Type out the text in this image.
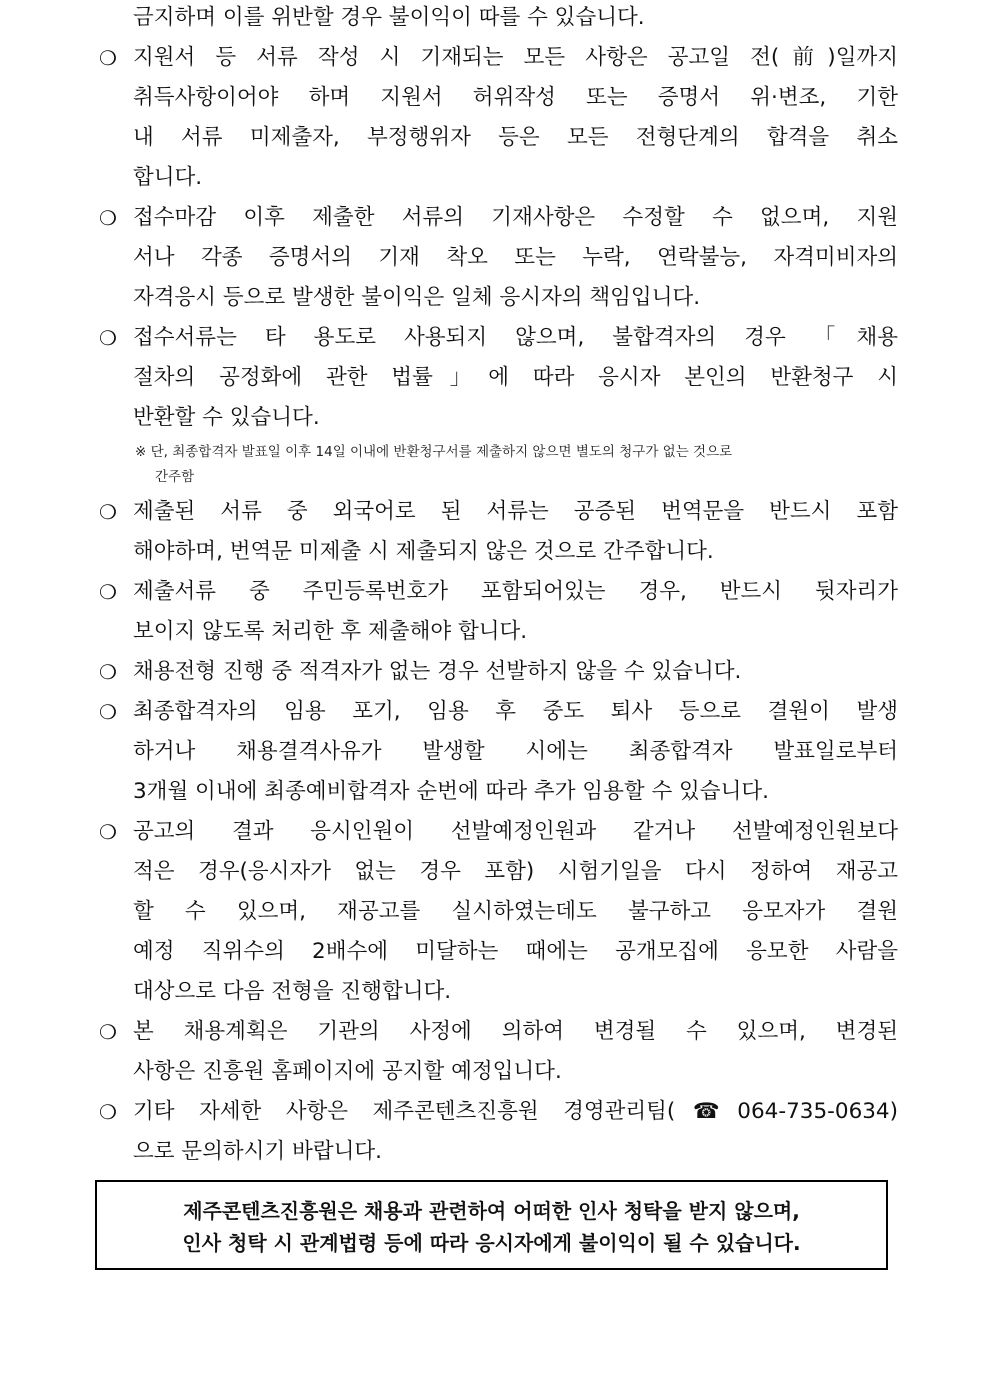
금지하며 이를 위반할 경우 불이익이 따를 수 있습니다.
❍ 지원서 등 서류 작성 시 기재되는 모든 사항은 공고일 전(前)일까지
취득사항이어야 하며 지원서 허위작성 또는 증명서 위·변조, 기한
내 서류 미제출자, 부정행위자 등은 모든 전형단계의 합격을 취소
합니다.
❍ 접수마감 이후 제출한 서류의 기재사항은 수정할 수 없으며, 지원
서나 각종 증명서의 기재 착오 또는 누락, 연락불능, 자격미비자의
자격응시 등으로 발생한 불이익은 일체 응시자의 책임입니다.
❍ 접수서류는 타 용도로 사용되지 않으며, 불합격자의 경우 「채용
절차의 공정화에 관한 법률」에 따라 응시자 본인의 반환청구 시
반환할 수 있습니다.
※ 단, 최종합격자 발표일 이후 14일 이내에 반환청구서를 제출하지 않으면 별도의 청구가 없는 것으로
간주함
❍ 제출된 서류 중 외국어로 된 서류는 공증된 번역문을 반드시 포함
해야하며, 번역문 미제출 시 제출되지 않은 것으로 간주합니다.
❍ 제출서류 중 주민등록번호가 포함되어있는 경우, 반드시 뒷자리가
보이지 않도록 처리한 후 제출해야 합니다.
❍ 채용전형 진행 중 적격자가 없는 경우 선발하지 않을 수 있습니다.
❍ 최종합격자의 임용 포기, 임용 후 중도 퇴사 등으로 결원이 발생
하거나 채용결격사유가 발생할 시에는 최종합격자 발표일로부터
3개월 이내에 최종예비합격자 순번에 따라 추가 임용할 수 있습니다.
❍ 공고의 결과 응시인원이 선발예정인원과 같거나 선발예정인원보다
적은 경우(응시자가 없는 경우 포함) 시험기일을 다시 정하여 재공고
할 수 있으며, 재공고를 실시하였는데도 불구하고 응모자가 결원
예정 직위수의 2배수에 미달하는 때에는 공개모집에 응모한 사람을
대상으로 다음 전형을 진행합니다.
❍ 본 채용계획은 기관의 사정에 의하여 변경될 수 있으며, 변경된
사항은 진흥원 홈페이지에 공지할 예정입니다.
❍ 기타 자세한 사항은 제주콘텐츠진흥원 경영관리팀(☎064-735-0634)
으로 문의하시기 바랍니다.
제주콘텐츠진흥원은 채용과 관련하여 어떠한 인사 청탁을 받지 않으며,
인사 청탁 시 관계법령 등에 따라 응시자에게 불이익이 될 수 있습니다.
